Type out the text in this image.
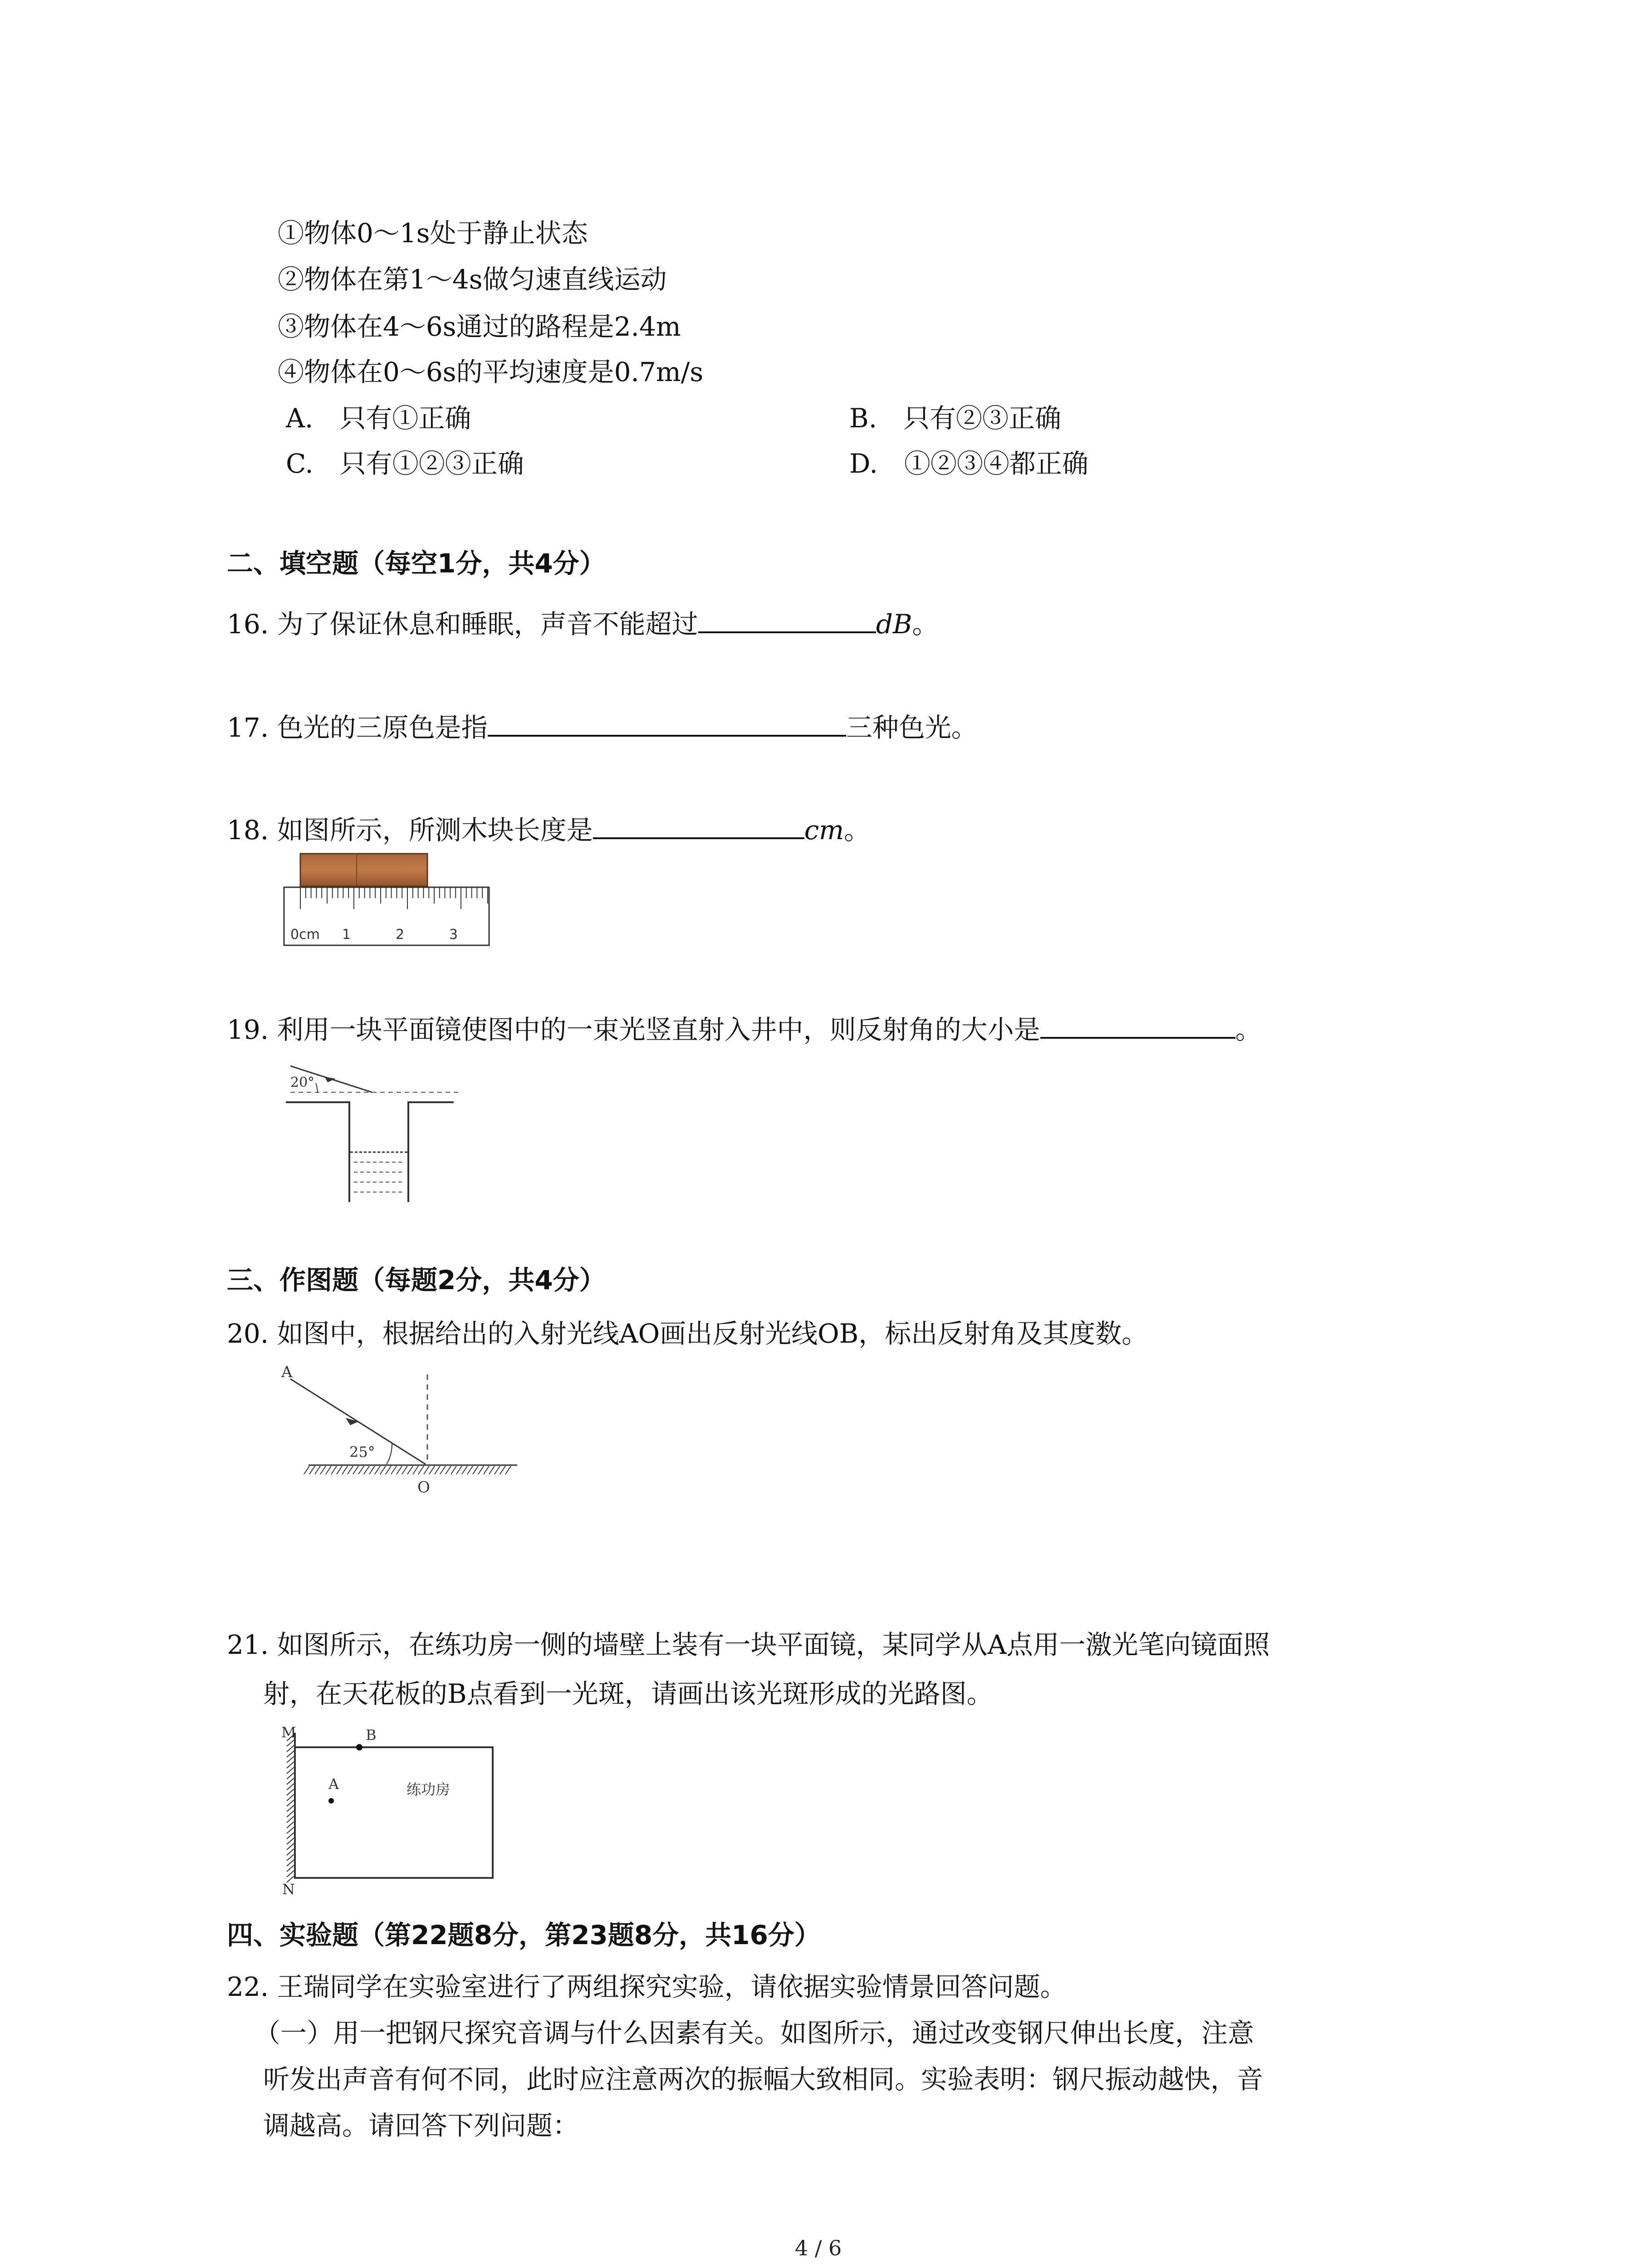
①物体0～1s处于静止状态
②物体在第1～4s做匀速直线运动
③物体在4～6s通过的路程是2.4m
④物体在0～6s的平均速度是0.7m/s
A.　只有①正确	B.　只有②③正确
C.　只有①②③正确	D.　①②③④都正确
二、填空题（每空1分，共4分）
16. 为了保证休息和睡眠，声音不能超过	dB。
17. 色光的三原色是指	三种色光。
18. 如图所示，所测木块长度是	cm。
0cm 1	2	3
19. 利用一块平面镜使图中的一束光竖直射入井中，则反射角的大小是	。
20°
三、作图题（每题2分，共4分）
20. 如图中，根据给出的入射光线AO画出反射光线OB，标出反射角及其度数。
25°
A
O
21. 如图所示，在练功房一侧的墙壁上装有一块平面镜，某同学从A点用一激光笔向镜面照
射，在天花板的B点看到一光斑，请画出该光斑形成的光路图。
M	B
A	练功房
N
四、实验题（第22题8分，第23题8分，共16分）
22. 王瑞同学在实验室进行了两组探究实验，请依据实验情景回答问题。
（一）用一把钢尺探究音调与什么因素有关。如图所示，通过改变钢尺伸出长度，注意
听发出声音有何不同，此时应注意两次的振幅大致相同。实验表明：钢尺振动越快，音
调越高。请回答下列问题：
4 / 6
